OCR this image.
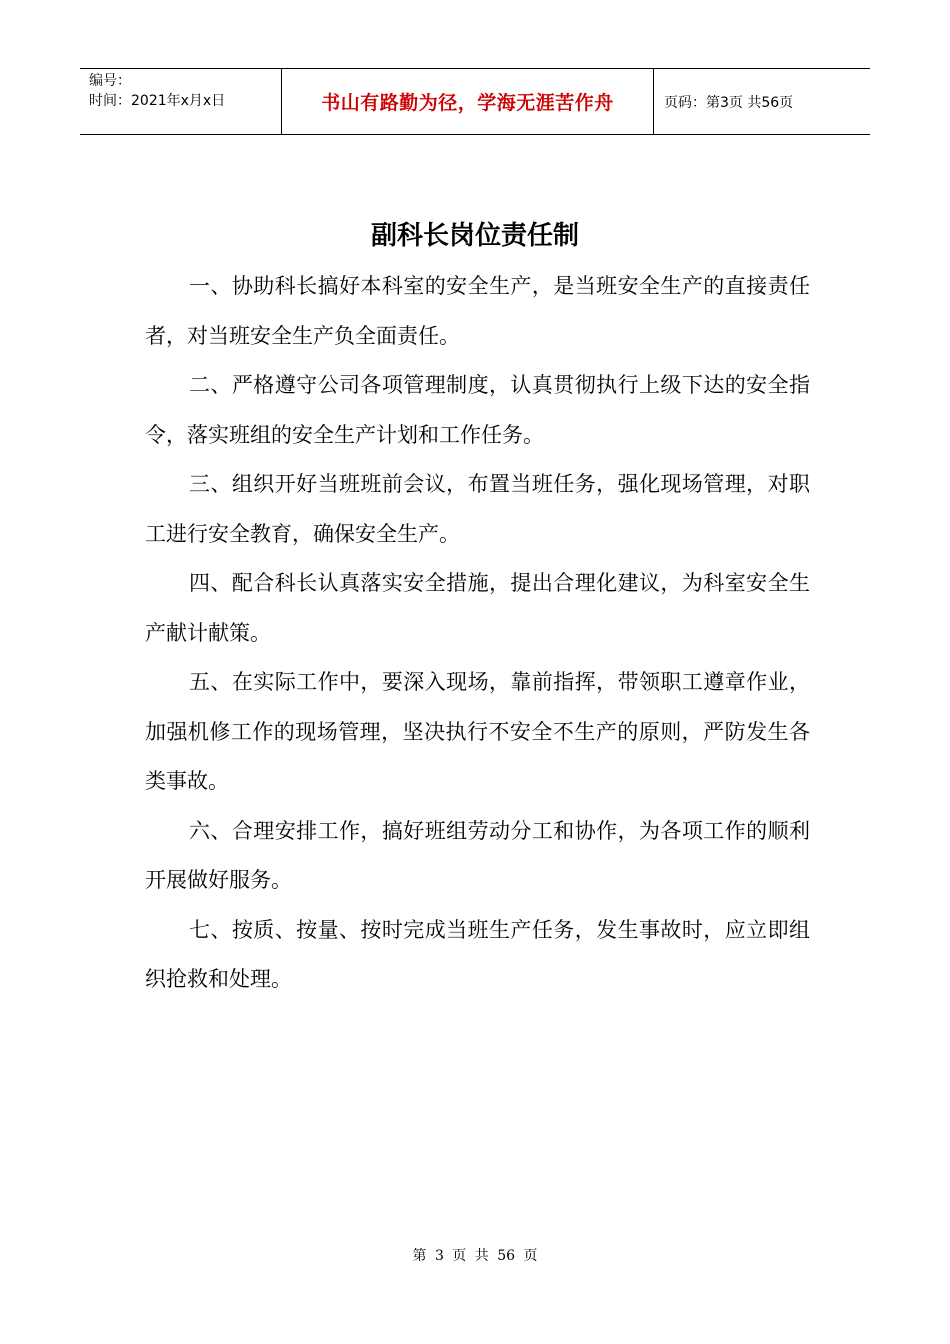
编号：
时间：2021年x月x日	书山有路勤为径，学海无涯苦作舟	页码：第3页 共56页
副科长岗位责任制

一、协助科长搞好本科室的安全生产，是当班安全生产的直接责任者，对当班安全生产负全面责任。

二、严格遵守公司各项管理制度，认真贯彻执行上级下达的安全指令，落实班组的安全生产计划和工作任务。

三、组织开好当班班前会议，布置当班任务，强化现场管理，对职工进行安全教育，确保安全生产。

四、配合科长认真落实安全措施，提出合理化建议，为科室安全生产献计献策。

五、在实际工作中，要深入现场，靠前指挥，带领职工遵章作业，加强机修工作的现场管理，坚决执行不安全不生产的原则，严防发生各类事故。

六、合理安排工作，搞好班组劳动分工和协作，为各项工作的顺利开展做好服务。

七、按质、按量、按时完成当班生产任务，发生事故时，应立即组织抢救和处理。

第 3 页 共 56 页
